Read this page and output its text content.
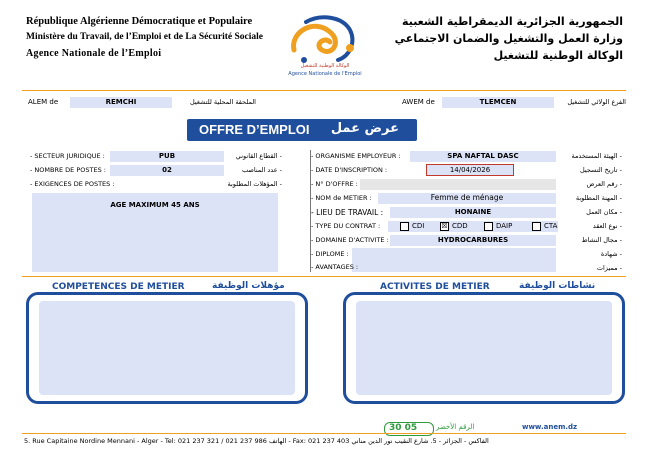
République Algérienne Démocratique et Populaire
Ministère du Travail, de l’Emploi et de La Sécurité Sociale
Agence Nationale de l’Emploi
الوكالة الوطنية للتشغيل
Agence Nationale de l'Emploi
الجمهورية الجزائرية الديمقراطية الشعبية
وزارة العمل والتشغيل والضمان الاجتماعي
الوكالة الوطنية للتشغيل
ALEM de	REMCHI	الملحقة المحلية للتشغيل	AWEM de	TLEMCEN	الفرع الولائي للتشغيل
OFFRE D’EMPLOI عرض عمل
- SECTEUR JURIDIQUE :	PUB	- القطاع القانوني
- NOMBRE DE POSTES :	02	- عدد المناصب
- EXIGENCES DE POSTES :	- المؤهلات المطلوبة
AGE MAXIMUM 45 ANS
- ORGANISME EMPLOYEUR :	SPA NAFTAL DASC	- الهيئة المستخدمة
- DATE D'INSCRIPTION :	14/04/2026	- تاريخ التسجيل
- N° D'OFFRE :	- رقم العرض
- NOM de METIER :	Femme de ménage	- المهنة المطلوبة
- LIEU DE TRAVAIL :	HONAINE	- مكان العمل
- TYPE DU CONTRAT :	CDI ☒ CDD	DAIP	CTA	- نوع العقد
- DOMAINE D'ACTIVITE :	HYDROCARBURES	- مجال النشاط
- DIPLOME :	- شهادة
- AVANTAGES :	- مميزات
COMPETENCES DE METIER	مؤهلات الوظيفة	ACTIVITES DE METIER	نشاطات الوظيفة
30 05	الرقم الأخضر	www.anem.dz
5. Rue Capitaine Nordine Mennani - Alger - Tel: 021 237 321 / 021 237 986 الهاتف - Fax: 021 237 403 الفاكس - الجزائر - 5. شارع النقيب نور الدين مناني
